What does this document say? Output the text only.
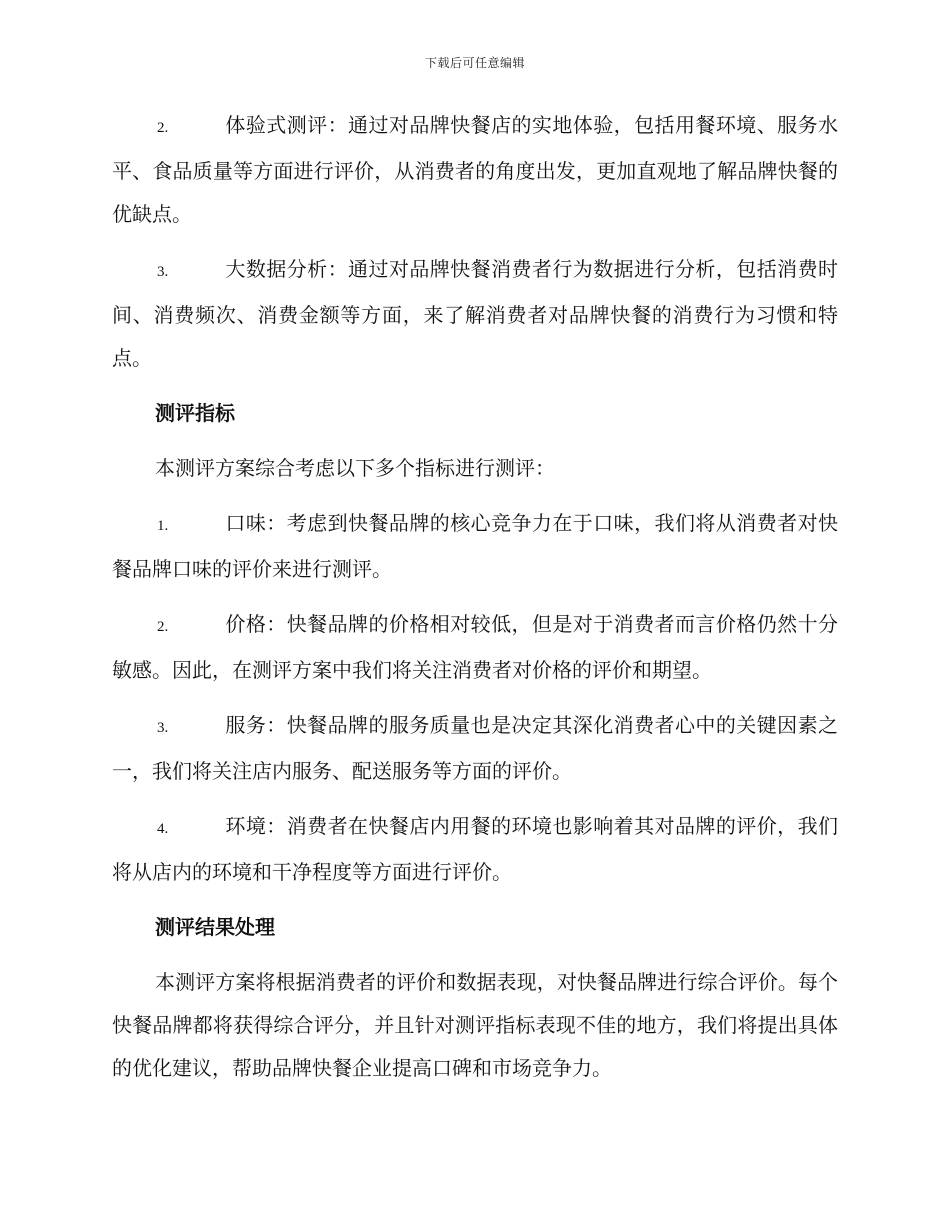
下载后可任意编辑
2.	体验式测评：通过对品牌快餐店的实地体验，包括用餐环境、服务水平、食品质量等方面进行评价，从消费者的角度出发，更加直观地了解品牌快餐的优缺点。
3.	大数据分析：通过对品牌快餐消费者行为数据进行分析，包括消费时间、消费频次、消费金额等方面，来了解消费者对品牌快餐的消费行为习惯和特点。
测评指标
本测评方案综合考虑以下多个指标进行测评：
1.	口味：考虑到快餐品牌的核心竞争力在于口味，我们将从消费者对快餐品牌口味的评价来进行测评。
2.	价格：快餐品牌的价格相对较低，但是对于消费者而言价格仍然十分敏感。因此，在测评方案中我们将关注消费者对价格的评价和期望。
3.	服务：快餐品牌的服务质量也是决定其深化消费者心中的关键因素之一，我们将关注店内服务、配送服务等方面的评价。
4.	环境：消费者在快餐店内用餐的环境也影响着其对品牌的评价，我们将从店内的环境和干净程度等方面进行评价。
测评结果处理
本测评方案将根据消费者的评价和数据表现，对快餐品牌进行综合评价。每个快餐品牌都将获得综合评分，并且针对测评指标表现不佳的地方，我们将提出具体的优化建议，帮助品牌快餐企业提高口碑和市场竞争力。
